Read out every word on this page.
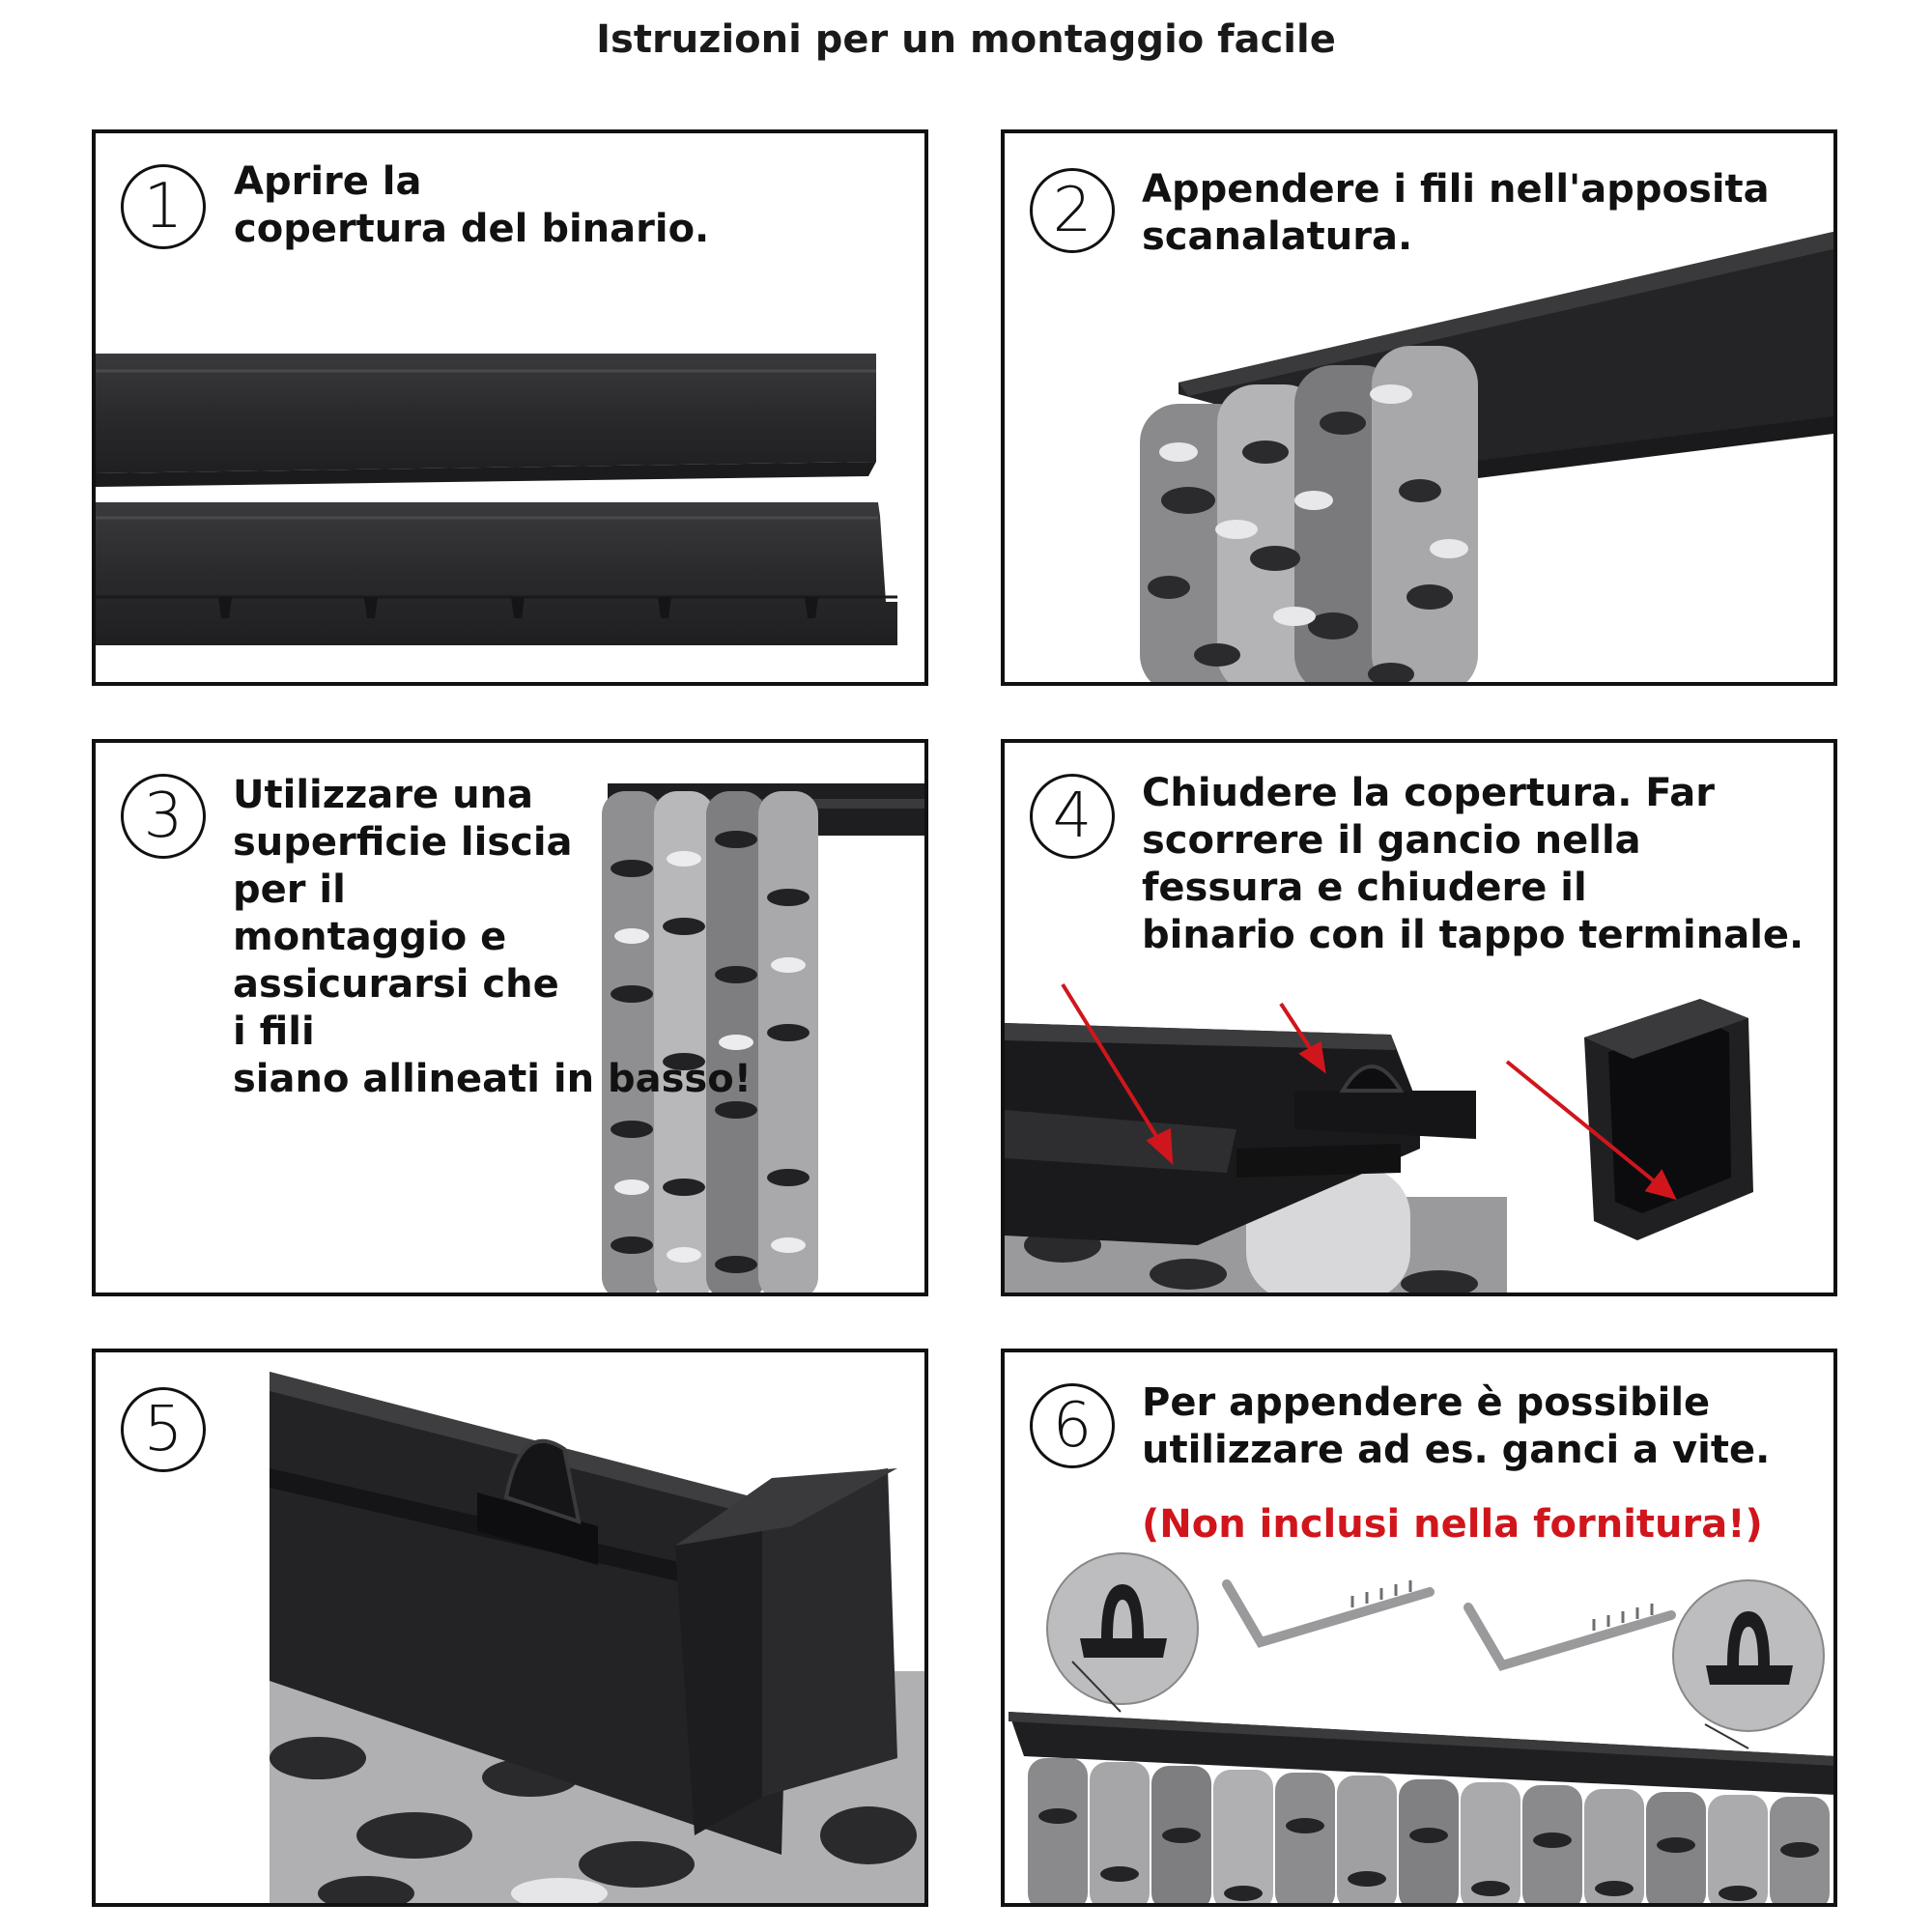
Istruzioni per un montaggio facile
1	Aprire la
copertura del binario.	2	Appendere i fili nell'apposita
scanalatura.
3	Utilizzare una
superficie liscia
per il
montaggio e
assicurarsi che
i fili
siano allineati in basso!
4	Chiudere la copertura. Far
scorrere il gancio nella
fessura e chiudere il
binario con il tappo terminale.
5	6	Per appendere è possibile
utilizzare ad es. ganci a vite.
(Non inclusi nella fornitura!)
